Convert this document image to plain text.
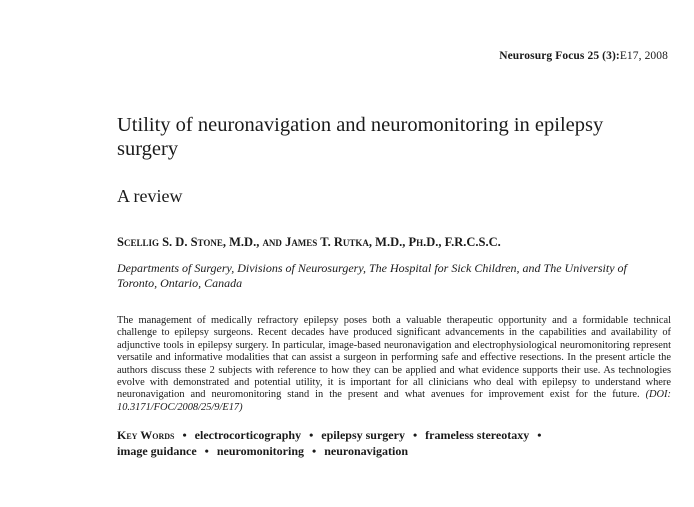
Neurosurg Focus 25 (3):E17, 2008
Utility of neuronavigation and neuromonitoring in epilepsy surgery
A review
Scellig S. D. Stone, M.D., and James T. Rutka, M.D., Ph.D., F.R.C.S.C.
Departments of Surgery, Divisions of Neurosurgery, The Hospital for Sick Children, and The University of Toronto, Ontario, Canada

The management of medically refractory epilepsy poses both a valuable therapeutic opportunity and a formidable technical challenge to epilepsy surgeons. Recent decades have produced significant advancements in the capabilities and availability of adjunctive tools in epilepsy surgery. In particular, image-based neuronavigation and electrophysiological neuromonitoring represent versatile and informative modalities that can assist a surgeon in performing safe and effective resections. In the present article the authors discuss these 2 subjects with reference to how they can be applied and what evidence supports their use. As technologies evolve with demonstrated and potential utility, it is important for all clinicians who deal with epilepsy to understand where neuronavigation and neuromonitoring stand in the present and what avenues for improvement exist for the future. (DOI: 10.3171/FOC/2008/25/9/E17)

Key Words • electrocorticography • epilepsy surgery • frameless stereotaxy •
image guidance • neuromonitoring • neuronavigation
